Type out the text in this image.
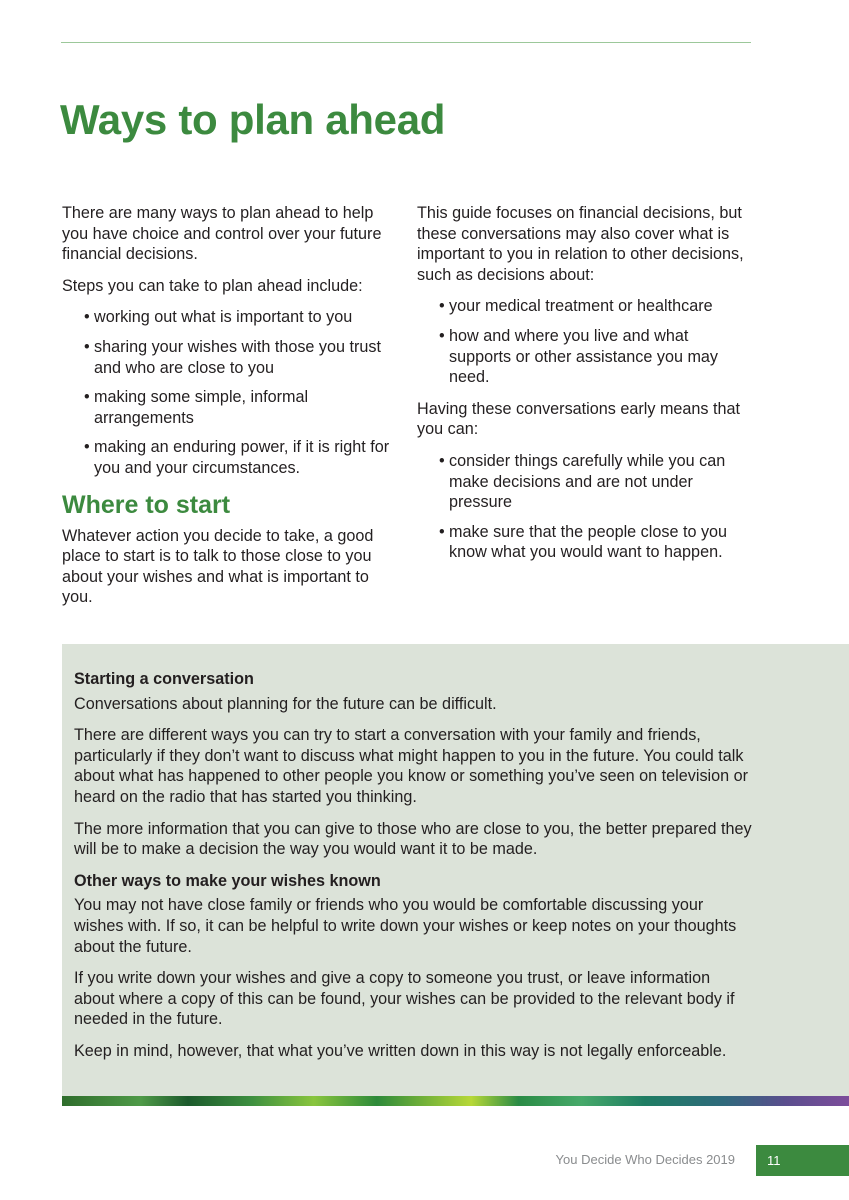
Ways to plan ahead

There are many ways to plan ahead to help you have choice and control over your future financial decisions.

Steps you can take to plan ahead include:

• working out what is important to you
• sharing your wishes with those you trust and who are close to you
• making some simple, informal arrangements
• making an enduring power, if it is right for you and your circumstances.
Where to start

Whatever action you decide to take, a good place to start is to talk to those close to you about your wishes and what is important to you.

This guide focuses on financial decisions, but these conversations may also cover what is important to you in relation to other decisions, such as decisions about:

• your medical treatment or healthcare
• how and where you live and what supports or other assistance you may need.

Having these conversations early means that you can:

• consider things carefully while you can make decisions and are not under pressure
• make sure that the people close to you know what you would want to happen.
Starting a conversation

Conversations about planning for the future can be difficult.

There are different ways you can try to start a conversation with your family and friends, particularly if they don’t want to discuss what might happen to you in the future. You could talk about what has happened to other people you know or something you’ve seen on television or heard on the radio that has started you thinking.

The more information that you can give to those who are close to you, the better prepared they will be to make a decision the way you would want it to be made.

Other ways to make your wishes known

You may not have close family or friends who you would be comfortable discussing your wishes with. If so, it can be helpful to write down your wishes or keep notes on your thoughts about the future.

If you write down your wishes and give a copy to someone you trust, or leave information about where a copy of this can be found, your wishes can be provided to the relevant body if needed in the future.

Keep in mind, however, that what you’ve written down in this way is not legally enforceable.

You Decide Who Decides 2019 11
